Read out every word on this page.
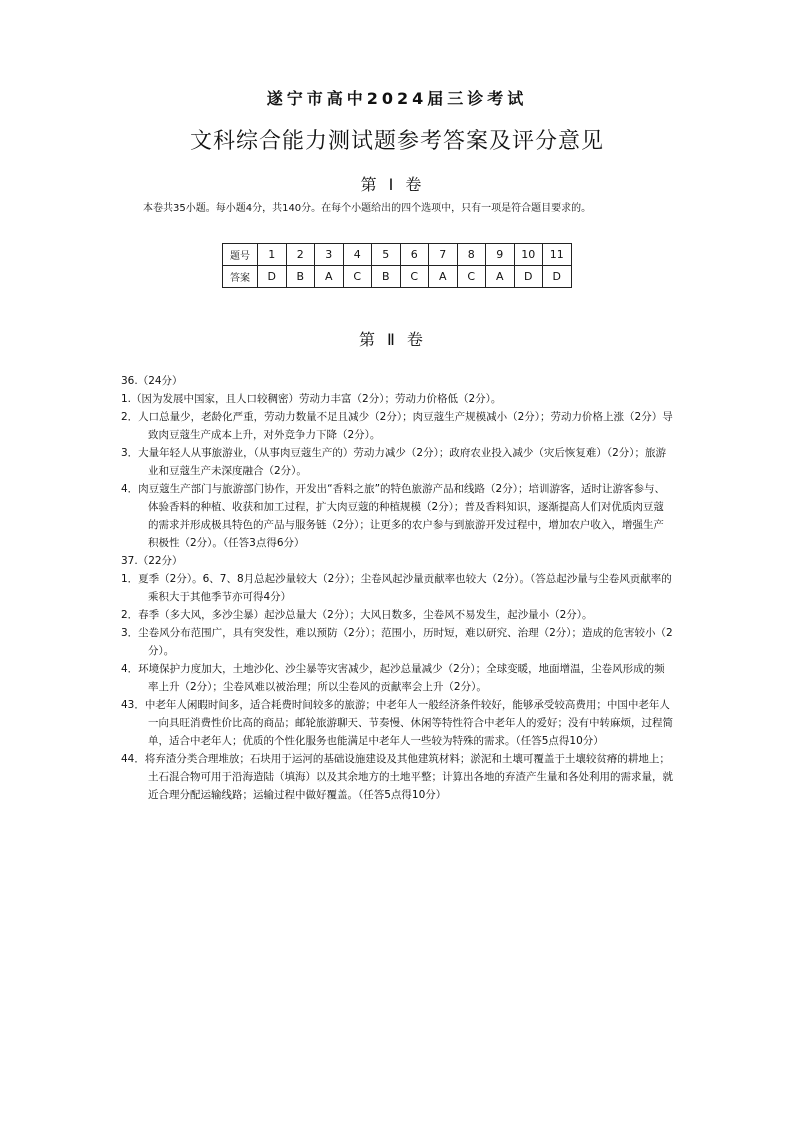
遂宁市高中2024届三诊考试
文科综合能力测试题参考答案及评分意见
第Ⅰ卷
本卷共35小题。每小题4分，共140分。在每个小题给出的四个选项中，只有一项是符合题目要求的。
题号	1	2	3	4	5	6	7	8	9	10	11
答案	D	B	A	C	B	C	A	C	A	D	D
第Ⅱ卷
36.（24分）
1.（因为发展中国家，且人口较稠密）劳动力丰富（2分）；劳动力价格低（2分）。
2．人口总量少，老龄化严重，劳动力数量不足且减少（2分）；肉豆蔻生产规模减小（2分）；劳动力价格上涨（2分）导致肉豆蔻生产成本上升，对外竞争力下降（2分）。
3．大量年轻人从事旅游业，（从事肉豆蔻生产的）劳动力减少（2分）；政府农业投入减少（灾后恢复难）（2分）；旅游业和豆蔻生产未深度融合（2分）。
4．肉豆蔻生产部门与旅游部门协作，开发出“香料之旅”的特色旅游产品和线路（2分）；培训游客，适时让游客参与、体验香料的种植、收获和加工过程，扩大肉豆蔻的种植规模（2分）；普及香料知识，逐渐提高人们对优质肉豆蔻的需求并形成极具特色的产品与服务链（2分）；让更多的农户参与到旅游开发过程中，增加农户收入，增强生产积极性（2分）。（任答3点得6分）
37.（22分）
1．夏季（2分）。6、7、8月总起沙量较大（2分）；尘卷风起沙量贡献率也较大（2分）。（答总起沙量与尘卷风贡献率的乘积大于其他季节亦可得4分）
2．春季（多大风，多沙尘暴）起沙总量大（2分）；大风日数多，尘卷风不易发生，起沙量小（2分）。
3．尘卷风分布范围广，具有突发性，难以预防（2分）；范围小，历时短，难以研究、治理（2分）；造成的危害较小（2分）。
4．环境保护力度加大，土地沙化、沙尘暴等灾害减少，起沙总量减少（2分）；全球变暖，地面增温，尘卷风形成的频率上升（2分）；尘卷风难以被治理；所以尘卷风的贡献率会上升（2分）。
43．中老年人闲暇时间多，适合耗费时间较多的旅游；中老年人一般经济条件较好，能够承受较高费用；中国中老年人一向具旺消费性价比高的商品；邮轮旅游聊天、节奏慢、休闲等特性符合中老年人的爱好；没有中转麻烦，过程简单，适合中老年人；优质的个性化服务也能满足中老年人一些较为特殊的需求。（任答5点得10分）
44．将弃渣分类合理堆放；石块用于运河的基础设施建设及其他建筑材料；淤泥和土壤可覆盖于土壤较贫瘠的耕地上；土石混合物可用于沿海造陆（填海）以及其余地方的土地平整；计算出各地的弃渣产生量和各处利用的需求量，就近合理分配运输线路；运输过程中做好覆盖。（任答5点得10分）
